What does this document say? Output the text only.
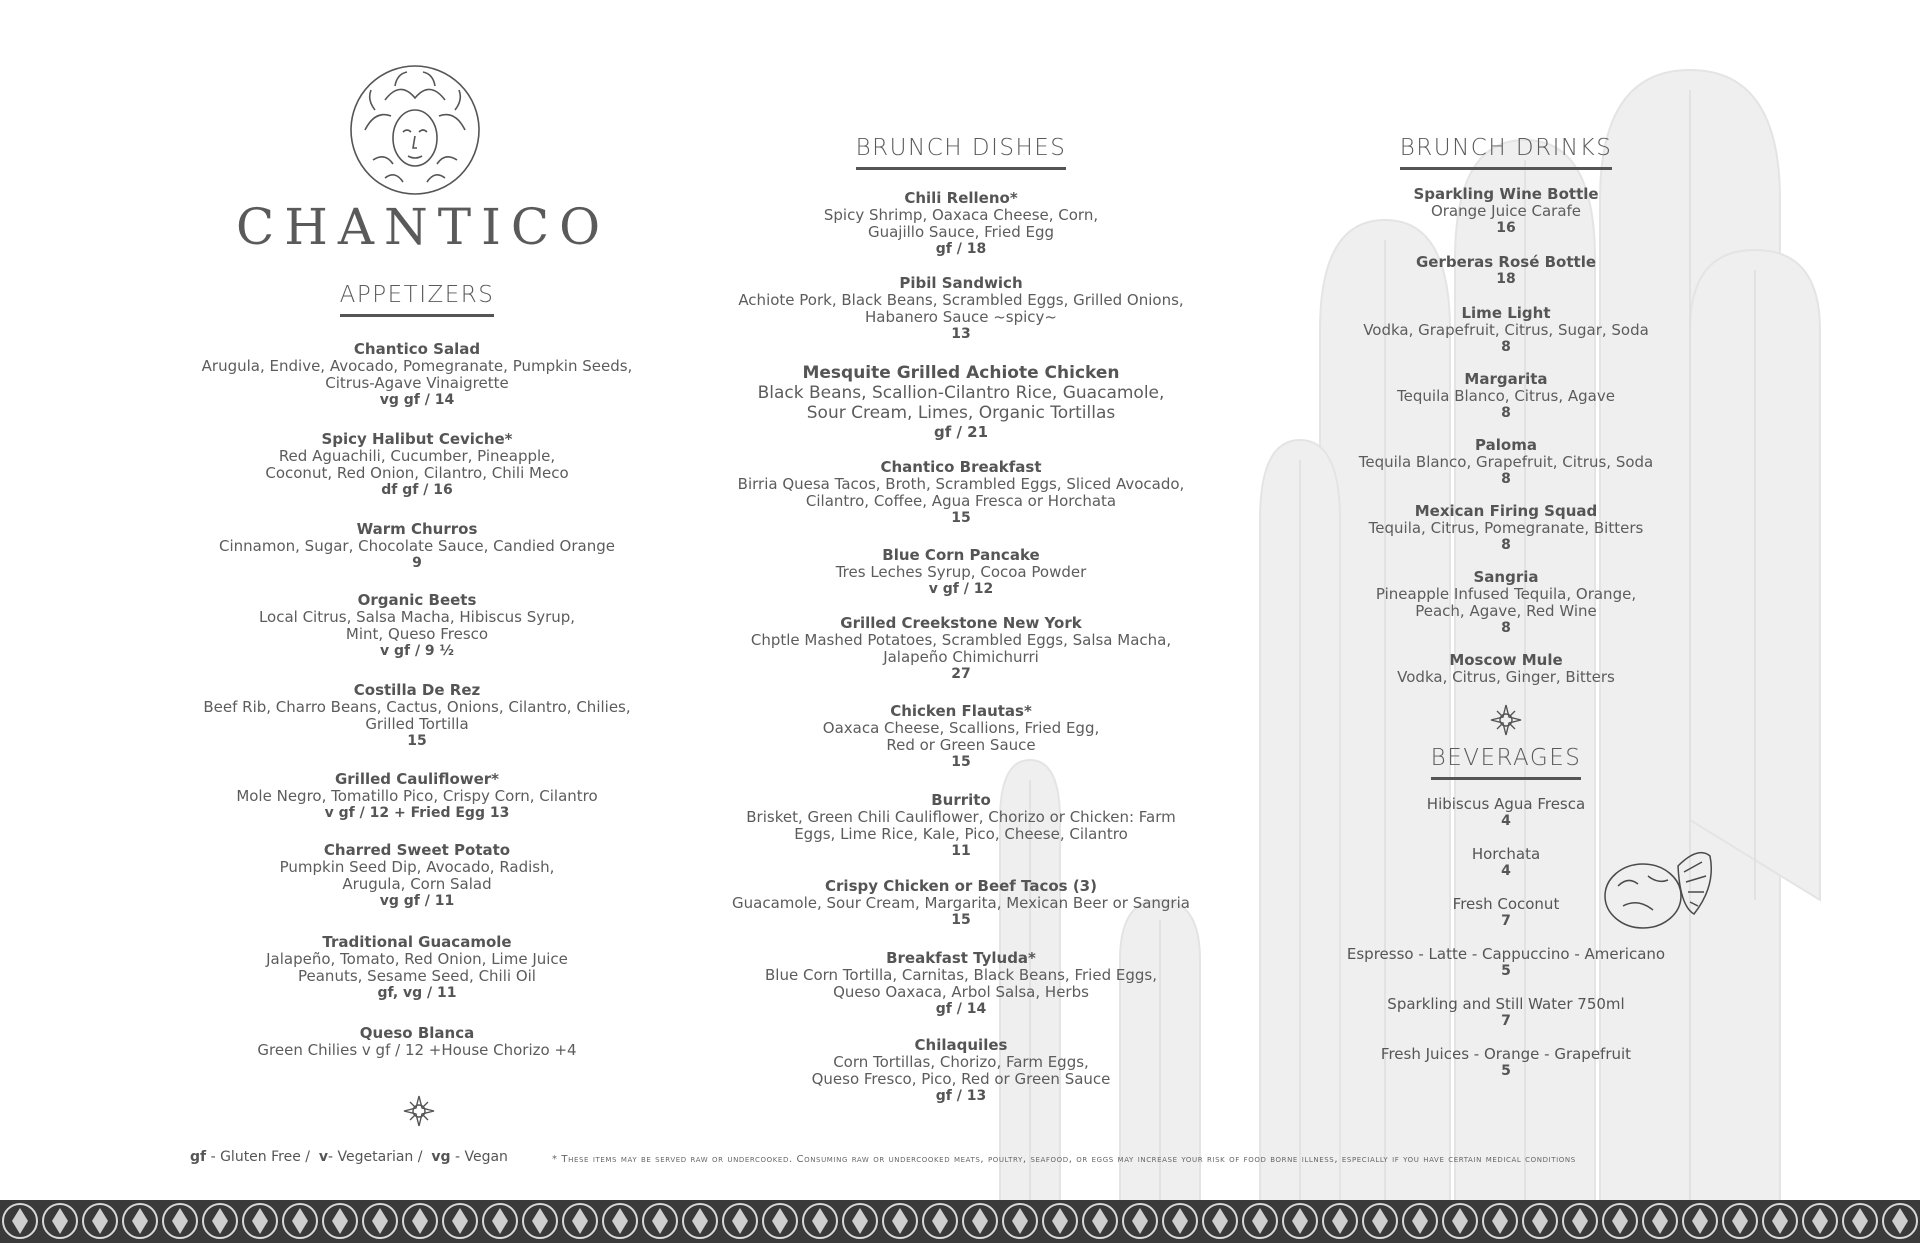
CHANTICO
APPETIZERS
Chantico Salad
Arugula, Endive, Avocado, Pomegranate, Pumpkin Seeds,
Citrus-Agave Vinaigrette
vg gf / 14
Spicy Halibut Ceviche*
Red Aguachili, Cucumber, Pineapple,
Coconut, Red Onion, Cilantro, Chili Meco
df gf / 16
Warm Churros
Cinnamon, Sugar, Chocolate Sauce, Candied Orange
9
Organic Beets
Local Citrus, Salsa Macha, Hibiscus Syrup,
Mint, Queso Fresco
v gf / 9 ½
Costilla De Rez
Beef Rib, Charro Beans, Cactus, Onions, Cilantro, Chilies,
Grilled Tortilla
15
Grilled Cauliflower*
Mole Negro, Tomatillo Pico, Crispy Corn, Cilantro
v gf / 12 + Fried Egg 13
Charred Sweet Potato
Pumpkin Seed Dip, Avocado, Radish,
Arugula, Corn Salad
vg gf / 11
Traditional Guacamole
Jalapeño, Tomato, Red Onion, Lime Juice
Peanuts, Sesame Seed, Chili Oil
gf, vg / 11
Queso Blanca
Green Chilies v gf / 12 +House Chorizo +4
BRUNCH DISHES
Chili Relleno*
Spicy Shrimp, Oaxaca Cheese, Corn,
Guajillo Sauce, Fried Egg
gf / 18
Pibil Sandwich
Achiote Pork, Black Beans, Scrambled Eggs, Grilled Onions,
Habanero Sauce ~spicy~
13
Mesquite Grilled Achiote Chicken
Black Beans, Scallion-Cilantro Rice, Guacamole,
Sour Cream, Limes, Organic Tortillas
gf / 21
Chantico Breakfast
Birria Quesa Tacos, Broth, Scrambled Eggs, Sliced Avocado,
Cilantro, Coffee, Agua Fresca or Horchata
15
Blue Corn Pancake
Tres Leches Syrup, Cocoa Powder
v gf / 12
Grilled Creekstone New York
Chptle Mashed Potatoes, Scrambled Eggs, Salsa Macha,
Jalapeño Chimichurri
27
Chicken Flautas*
Oaxaca Cheese, Scallions, Fried Egg,
Red or Green Sauce
15
Burrito
Brisket, Green Chili Cauliflower, Chorizo or Chicken: Farm
Eggs, Lime Rice, Kale, Pico, Cheese, Cilantro
11
Crispy Chicken or Beef Tacos (3)
Guacamole, Sour Cream, Margarita, Mexican Beer or Sangria
15
Breakfast Tyluda*
Blue Corn Tortilla, Carnitas, Black Beans, Fried Eggs,
Queso Oaxaca, Arbol Salsa, Herbs
gf / 14
Chilaquiles
Corn Tortillas, Chorizo, Farm Eggs,
Queso Fresco, Pico, Red or Green Sauce
gf / 13
BRUNCH DRINKS
Sparkling Wine Bottle
Orange Juice Carafe
16
Gerberas Rosé Bottle
18
Lime Light
Vodka, Grapefruit, Citrus, Sugar, Soda
8
Margarita
Tequila Blanco, Citrus, Agave
8
Paloma
Tequila Blanco, Grapefruit, Citrus, Soda
8
Mexican Firing Squad
Tequila, Citrus, Pomegranate, Bitters
8
Sangria
Pineapple Infused Tequila, Orange,
Peach, Agave, Red Wine
8
Moscow Mule
Vodka, Citrus, Ginger, Bitters
BEVERAGES
Hibiscus Agua Fresca
4
Horchata
4
Fresh Coconut
7
Espresso - Latte - Cappuccino - Americano
5
Sparkling and Still Water 750ml
7
Fresh Juices - Orange - Grapefruit
5
gf - Gluten Free /  v- Vegetarian /  vg - Vegan	* These items may be served raw or undercooked. Consuming raw or undercooked meats, poultry, seafood, or eggs may increase your risk of food borne illness, especially if you have certain medical conditions
